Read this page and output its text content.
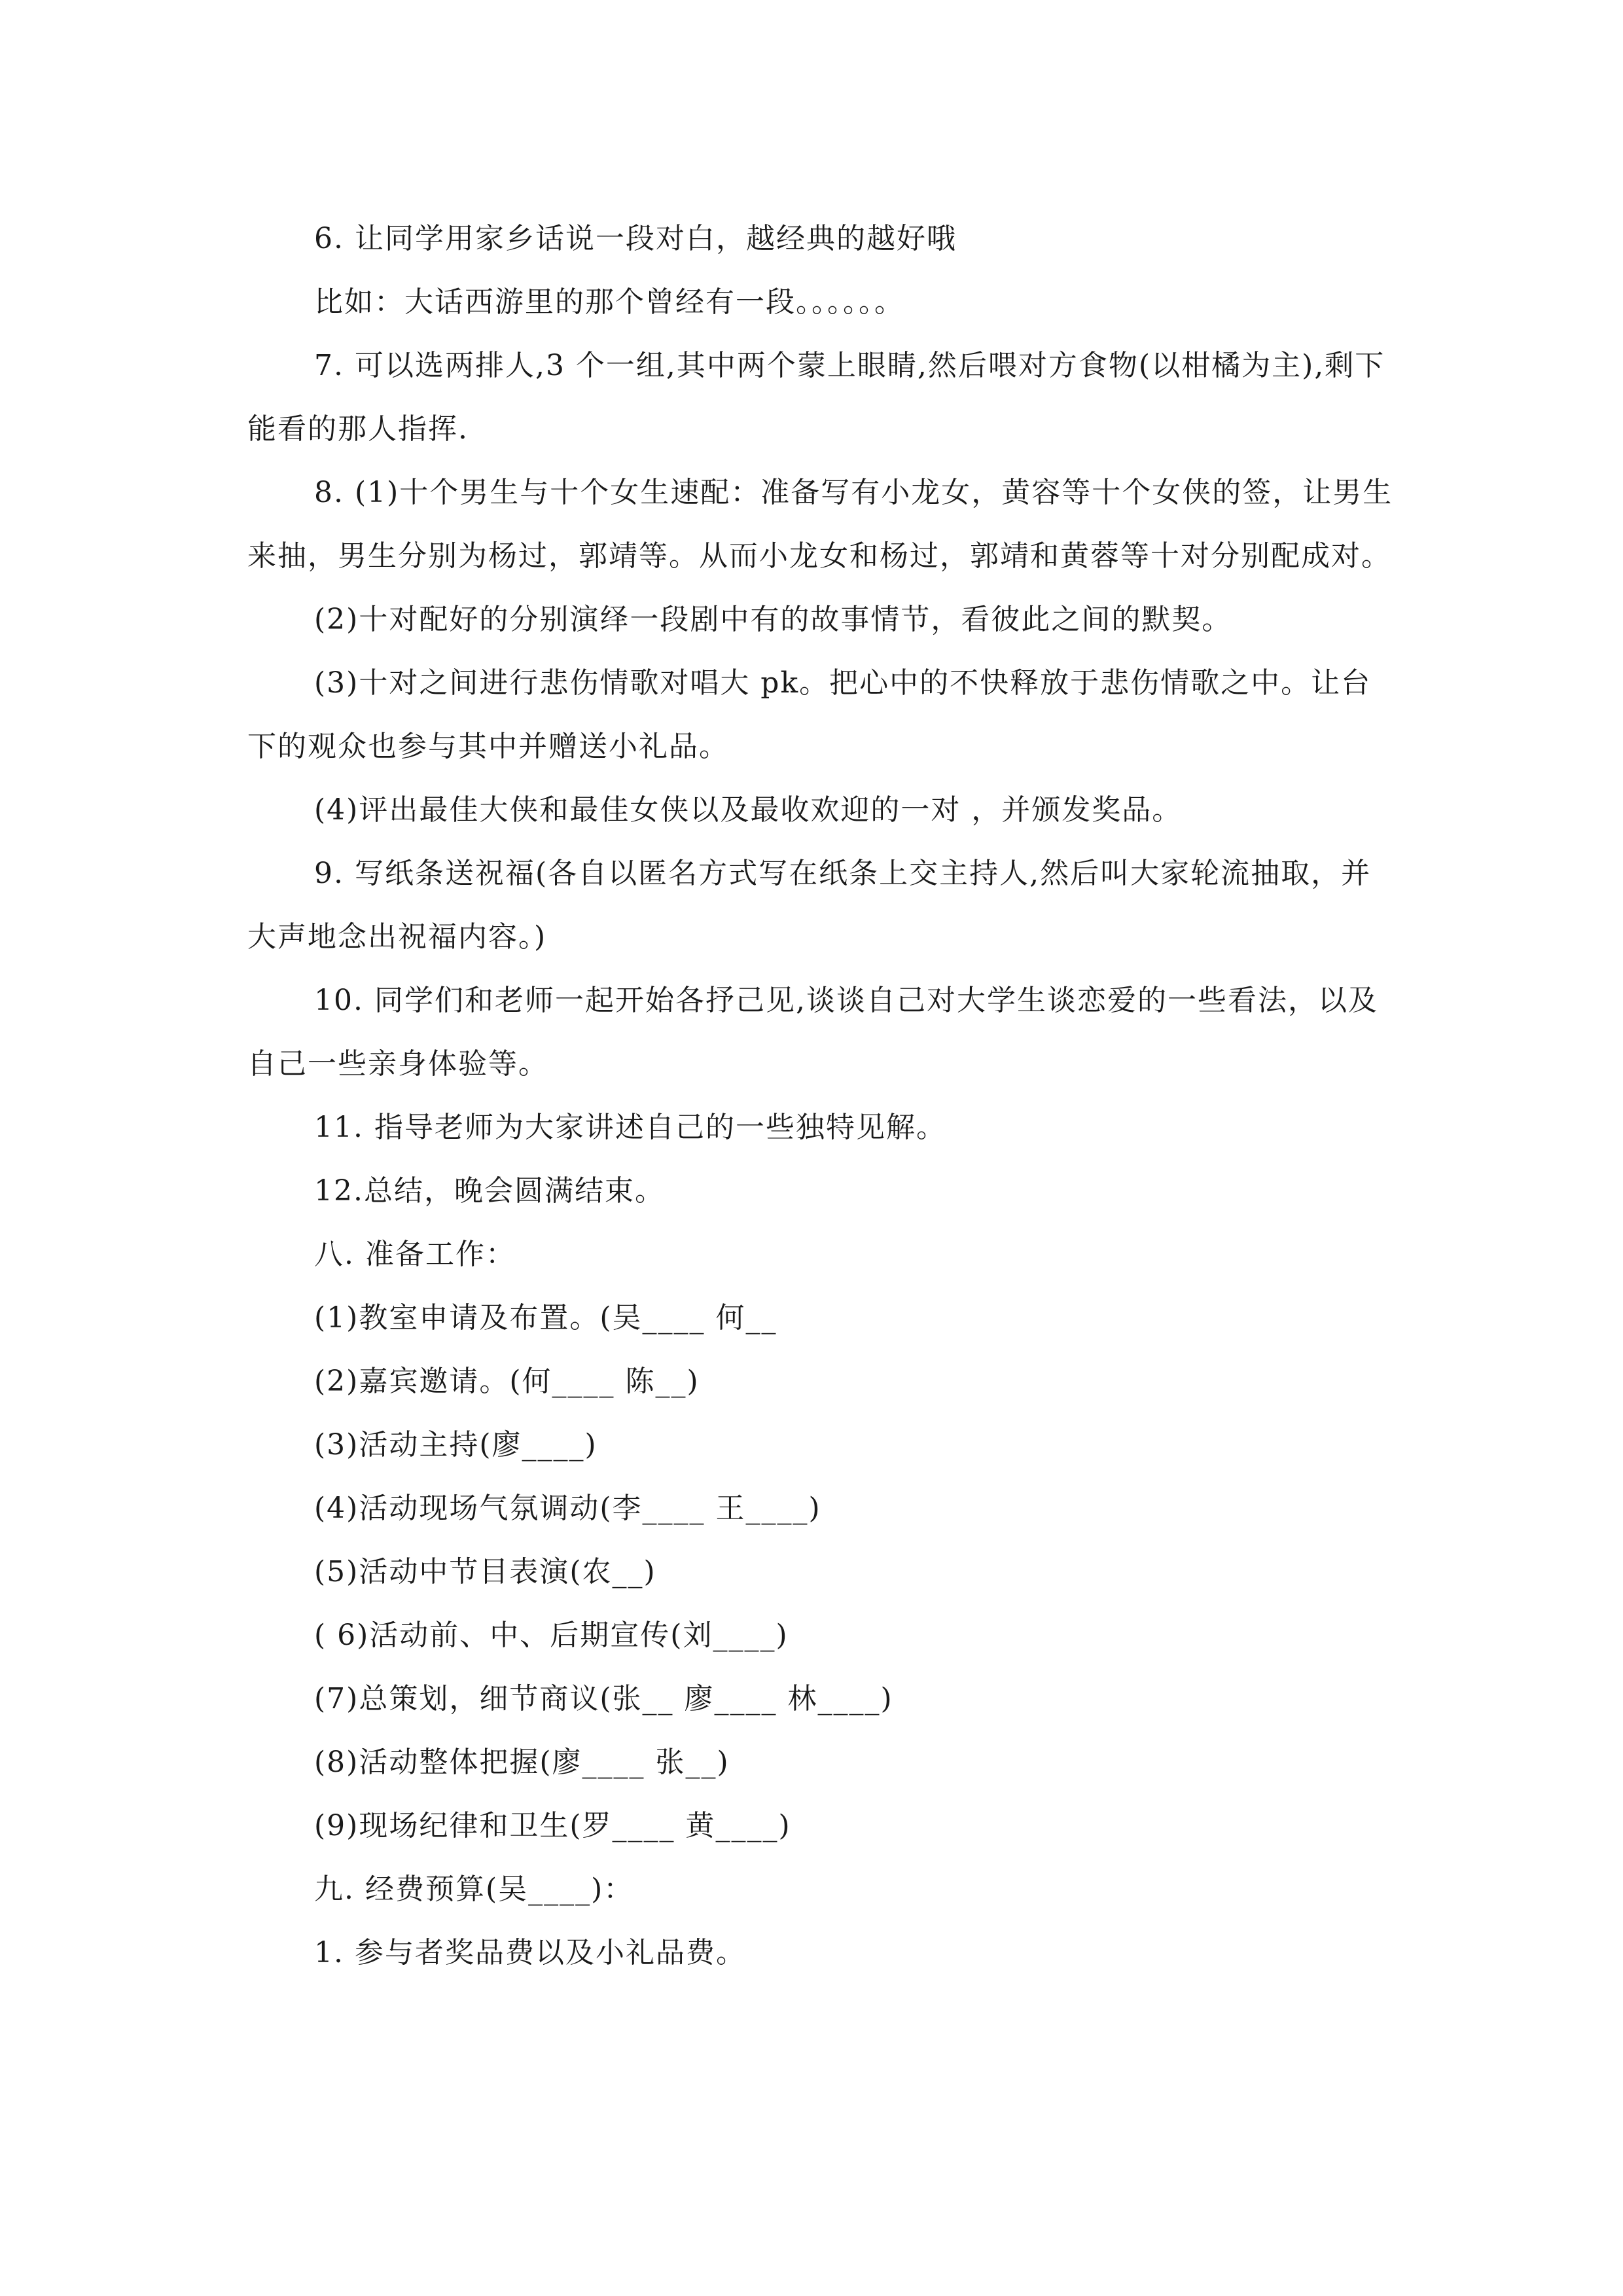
6. 让同学用家乡话说一段对白，越经典的越好哦

比如：大话西游里的那个曾经有一段。。。。。。

7. 可以选两排人,3 个一组,其中两个蒙上眼睛,然后喂对方食物(以柑橘为主),剩下能看的那人指挥.

8. (1)十个男生与十个女生速配：准备写有小龙女，黄容等十个女侠的签，让男生来抽，男生分别为杨过，郭靖等。从而小龙女和杨过，郭靖和黄蓉等十对分别配成对。

(2)十对配好的分别演绎一段剧中有的故事情节，看彼此之间的默契。

(3)十对之间进行悲伤情歌对唱大 pk。把心中的不快释放于悲伤情歌之中。让台下的观众也参与其中并赠送小礼品。

(4)评出最佳大侠和最佳女侠以及最收欢迎的一对 ，并颁发奖品。

9. 写纸条送祝福(各自以匿名方式写在纸条上交主持人,然后叫大家轮流抽取，并大声地念出祝福内容。)

10. 同学们和老师一起开始各抒己见,谈谈自己对大学生谈恋爱的一些看法，以及自己一些亲身体验等。

11. 指导老师为大家讲述自己的一些独特见解。

12.总结，晚会圆满结束。

八. 准备工作：

(1)教室申请及布置。(吴____ 何__

(2)嘉宾邀请。(何____ 陈__)

(3)活动主持(廖____)

(4)活动现场气氛调动(李____ 王____)

(5)活动中节目表演(农__)

( 6)活动前、中、后期宣传(刘____)

(7)总策划，细节商议(张__ 廖____ 林____)

(8)活动整体把握(廖____ 张__)

(9)现场纪律和卫生(罗____ 黄____)

九. 经费预算(吴____)：

1. 参与者奖品费以及小礼品费。
